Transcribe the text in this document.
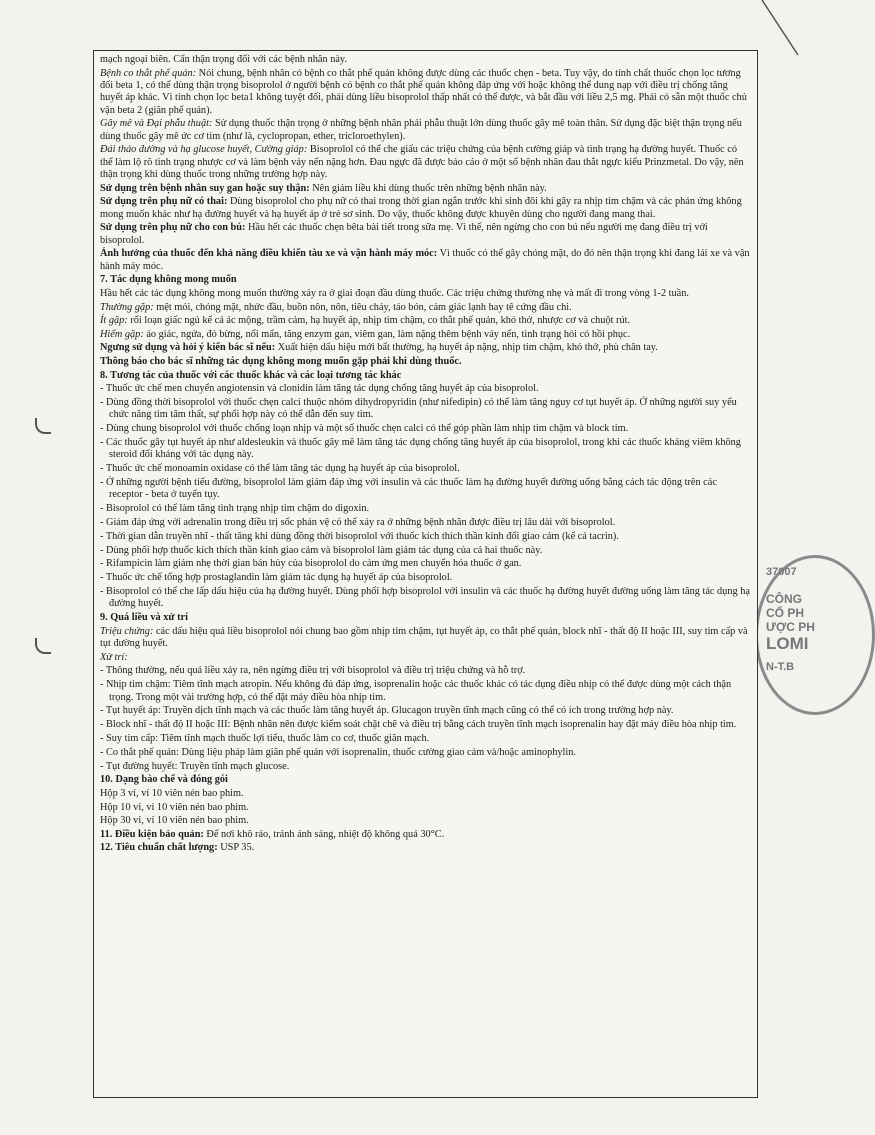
37007
CÔNG
CỔ PH
ƯỢC PH
LOMI
N-T.B

mạch ngoại biên. Cẩn thận trọng đối với các bệnh nhân này.

Bệnh co thắt phế quản: Nói chung, bệnh nhân có bệnh co thắt phế quản không được dùng các thuốc chẹn - beta. Tuy vậy, do tính chất thuốc chọn lọc tương đối beta 1, có thể dùng thận trọng bisoprolol ở người bệnh có bệnh co thắt phế quản không đáp ứng với hoặc không thể dung nạp với điều trị chống tăng huyết áp khác. Vì tính chọn lọc beta1 không tuyệt đối, phải dùng liều bisoprolol thấp nhất có thể được, và bắt đầu với liều 2,5 mg. Phải có sẵn một thuốc chủ vận beta 2 (giãn phế quản).

Gây mê và Đại phẫu thuật: Sử dụng thuốc thận trọng ở những bệnh nhân phải phẫu thuật lớn dùng thuốc gây mê toàn thân. Sử dụng đặc biệt thận trọng nếu dùng thuốc gây mê ức cơ tim (như là, cyclopropan, ether, tricloroethylen).

Đái tháo đường và hạ glucose huyết, Cường giáp: Bisoprolol có thể che giấu các triệu chứng của bệnh cường giáp và tình trạng hạ đường huyết. Thuốc có thể làm lộ rõ tình trạng nhược cơ và làm bệnh vảy nến nặng hơn. Đau ngực đã được báo cáo ở một số bệnh nhân đau thắt ngực kiểu Prinzmetal. Do vậy, nên thận trọng khi dùng thuốc trong những trường hợp này.

Sử dụng trên bệnh nhân suy gan hoặc suy thận: Nên giảm liều khi dùng thuốc trên những bệnh nhân này.

Sử dụng trên phụ nữ có thai: Dùng bisoprolol cho phụ nữ có thai trong thời gian ngắn trước khi sinh đôi khi gây ra nhịp tim chậm và các phản ứng không mong muốn khác như hạ đường huyết và hạ huyết áp ở trẻ sơ sinh. Do vậy, thuốc không được khuyên dùng cho người đang mang thai.

Sử dụng trên phụ nữ cho con bú: Hầu hết các thuốc chẹn bêta bài tiết trong sữa mẹ. Vì thế, nên ngừng cho con bú nếu người mẹ đang điều trị với bisoprolol.

Ảnh hưởng của thuốc đến khả năng điều khiển tàu xe và vận hành máy móc: Vì thuốc có thể gây chóng mặt, do đó nên thận trọng khi đang lái xe và vận hành máy móc.

7. Tác dụng không mong muốn

Hầu hết các tác dụng không mong muốn thường xảy ra ở giai đoạn đầu dùng thuốc. Các triệu chứng thường nhẹ và mất đi trong vòng 1-2 tuần.

Thường gặp: mệt mỏi, chóng mặt, nhức đầu, buồn nôn, nôn, tiêu chảy, táo bón, cảm giác lạnh hay tê cứng đầu chi.

Ít gặp: rối loạn giấc ngủ kể cả ác mộng, trầm cảm, hạ huyết áp, nhịp tim chậm, co thắt phế quản, khó thở, nhược cơ và chuột rút.

Hiếm gặp: ảo giác, ngứa, đỏ bừng, nổi mẩn, tăng enzym gan, viêm gan, làm nặng thêm bệnh vảy nến, tình trạng hói có hồi phục.

Ngưng sử dụng và hỏi ý kiến bác sĩ nếu: Xuất hiện dấu hiệu mới bất thường, hạ huyết áp nặng, nhịp tim chậm, khó thở, phù chân tay.

Thông báo cho bác sĩ những tác dụng không mong muốn gặp phải khi dùng thuốc.

8. Tương tác của thuốc với các thuốc khác và các loại tương tác khác

- Thuốc ức chế men chuyển angiotensin và clonidin làm tăng tác dụng chống tăng huyết áp của bisoprolol.

- Dùng đồng thời bisoprolol với thuốc chẹn calci thuộc nhóm dihydropyridin (như nifedipin) có thể làm tăng nguy cơ tụt huyết áp. Ở những người suy yếu chức năng tim tâm thất, sự phối hợp này có thể dẫn đến suy tim.

- Dùng chung bisoprolol với thuốc chống loạn nhịp và một số thuốc chẹn calci có thể góp phần làm nhịp tim chậm và block tim.

- Các thuốc gây tụt huyết áp như aldesleukin và thuốc gây mê làm tăng tác dụng chống tăng huyết áp của bisoprolol, trong khi các thuốc kháng viêm không steroid đối kháng với tác dụng này.

- Thuốc ức chế monoamin oxidase có thể làm tăng tác dụng hạ huyết áp của bisoprolol.

- Ở những người bệnh tiểu đường, bisoprolol làm giảm đáp ứng với insulin và các thuốc làm hạ đường huyết đường uống bằng cách tác động trên các receptor - beta ở tuyến tụy.

- Bisoprolol có thể làm tăng tình trạng nhịp tim chậm do digoxin.

- Giảm đáp ứng với adrenalin trong điều trị sốc phản vệ có thể xảy ra ở những bệnh nhân được điều trị lâu dài với bisoprolol.

- Thời gian dẫn truyền nhĩ - thất tăng khi dùng đồng thời bisoprolol với thuốc kích thích thần kinh đối giao cảm (kể cả tacrin).

- Dùng phối hợp thuốc kích thích thần kinh giao cảm và bisoprolol làm giảm tác dụng của cả hai thuốc này.

- Rifampicin làm giảm nhẹ thời gian bán hủy của bisoprolol do cảm ứng men chuyển hóa thuốc ở gan.

- Thuốc ức chế tổng hợp prostaglandin làm giảm tác dụng hạ huyết áp của bisoprolol.

- Bisoprolol có thể che lấp dấu hiệu của hạ đường huyết. Dùng phối hợp bisoprolol với insulin và các thuốc hạ đường huyết đường uống làm tăng tác dụng hạ đường huyết.

9. Quá liều và xử trí

Triệu chứng: các dấu hiệu quá liều bisoprolol nói chung bao gồm nhịp tim chậm, tụt huyết áp, co thắt phế quản, block nhĩ - thất độ II hoặc III, suy tim cấp và tụt đường huyết.

Xử trí:

- Thông thường, nếu quá liều xảy ra, nên ngừng điều trị với bisoprolol và điều trị triệu chứng và hỗ trợ.

- Nhịp tim chậm: Tiêm tĩnh mạch atropin. Nếu không đủ đáp ứng, isoprenalin hoặc các thuốc khác có tác dụng điều nhịp có thể được dùng một cách thận trọng. Trong một vài trường hợp, có thể đặt máy điều hòa nhịp tim.

- Tụt huyết áp: Truyền dịch tĩnh mạch và các thuốc làm tăng huyết áp. Glucagon truyền tĩnh mạch cũng có thể có ích trong trường hợp này.

- Block nhĩ - thất độ II hoặc III: Bệnh nhân nên được kiểm soát chặt chẽ và điều trị bằng cách truyền tĩnh mạch isoprenalin hay đặt máy điều hòa nhịp tim.

- Suy tim cấp: Tiêm tĩnh mạch thuốc lợi tiểu, thuốc làm co cơ, thuốc giãn mạch.

- Co thắt phế quản: Dùng liệu pháp làm giãn phế quản với isoprenalin, thuốc cường giao cảm và/hoặc aminophylin.

- Tụt đường huyết: Truyền tĩnh mạch glucose.

10. Dạng bào chế và đóng gói

Hộp 3 vỉ, vỉ 10 viên nén bao phim.

Hộp 10 vỉ, vỉ 10 viên nén bao phim.

Hộp 30 vỉ, vỉ 10 viên nén bao phim.

11. Điều kiện bảo quản: Để nơi khô ráo, tránh ánh sáng, nhiệt độ không quá 30°C.

12. Tiêu chuẩn chất lượng: USP 35.
